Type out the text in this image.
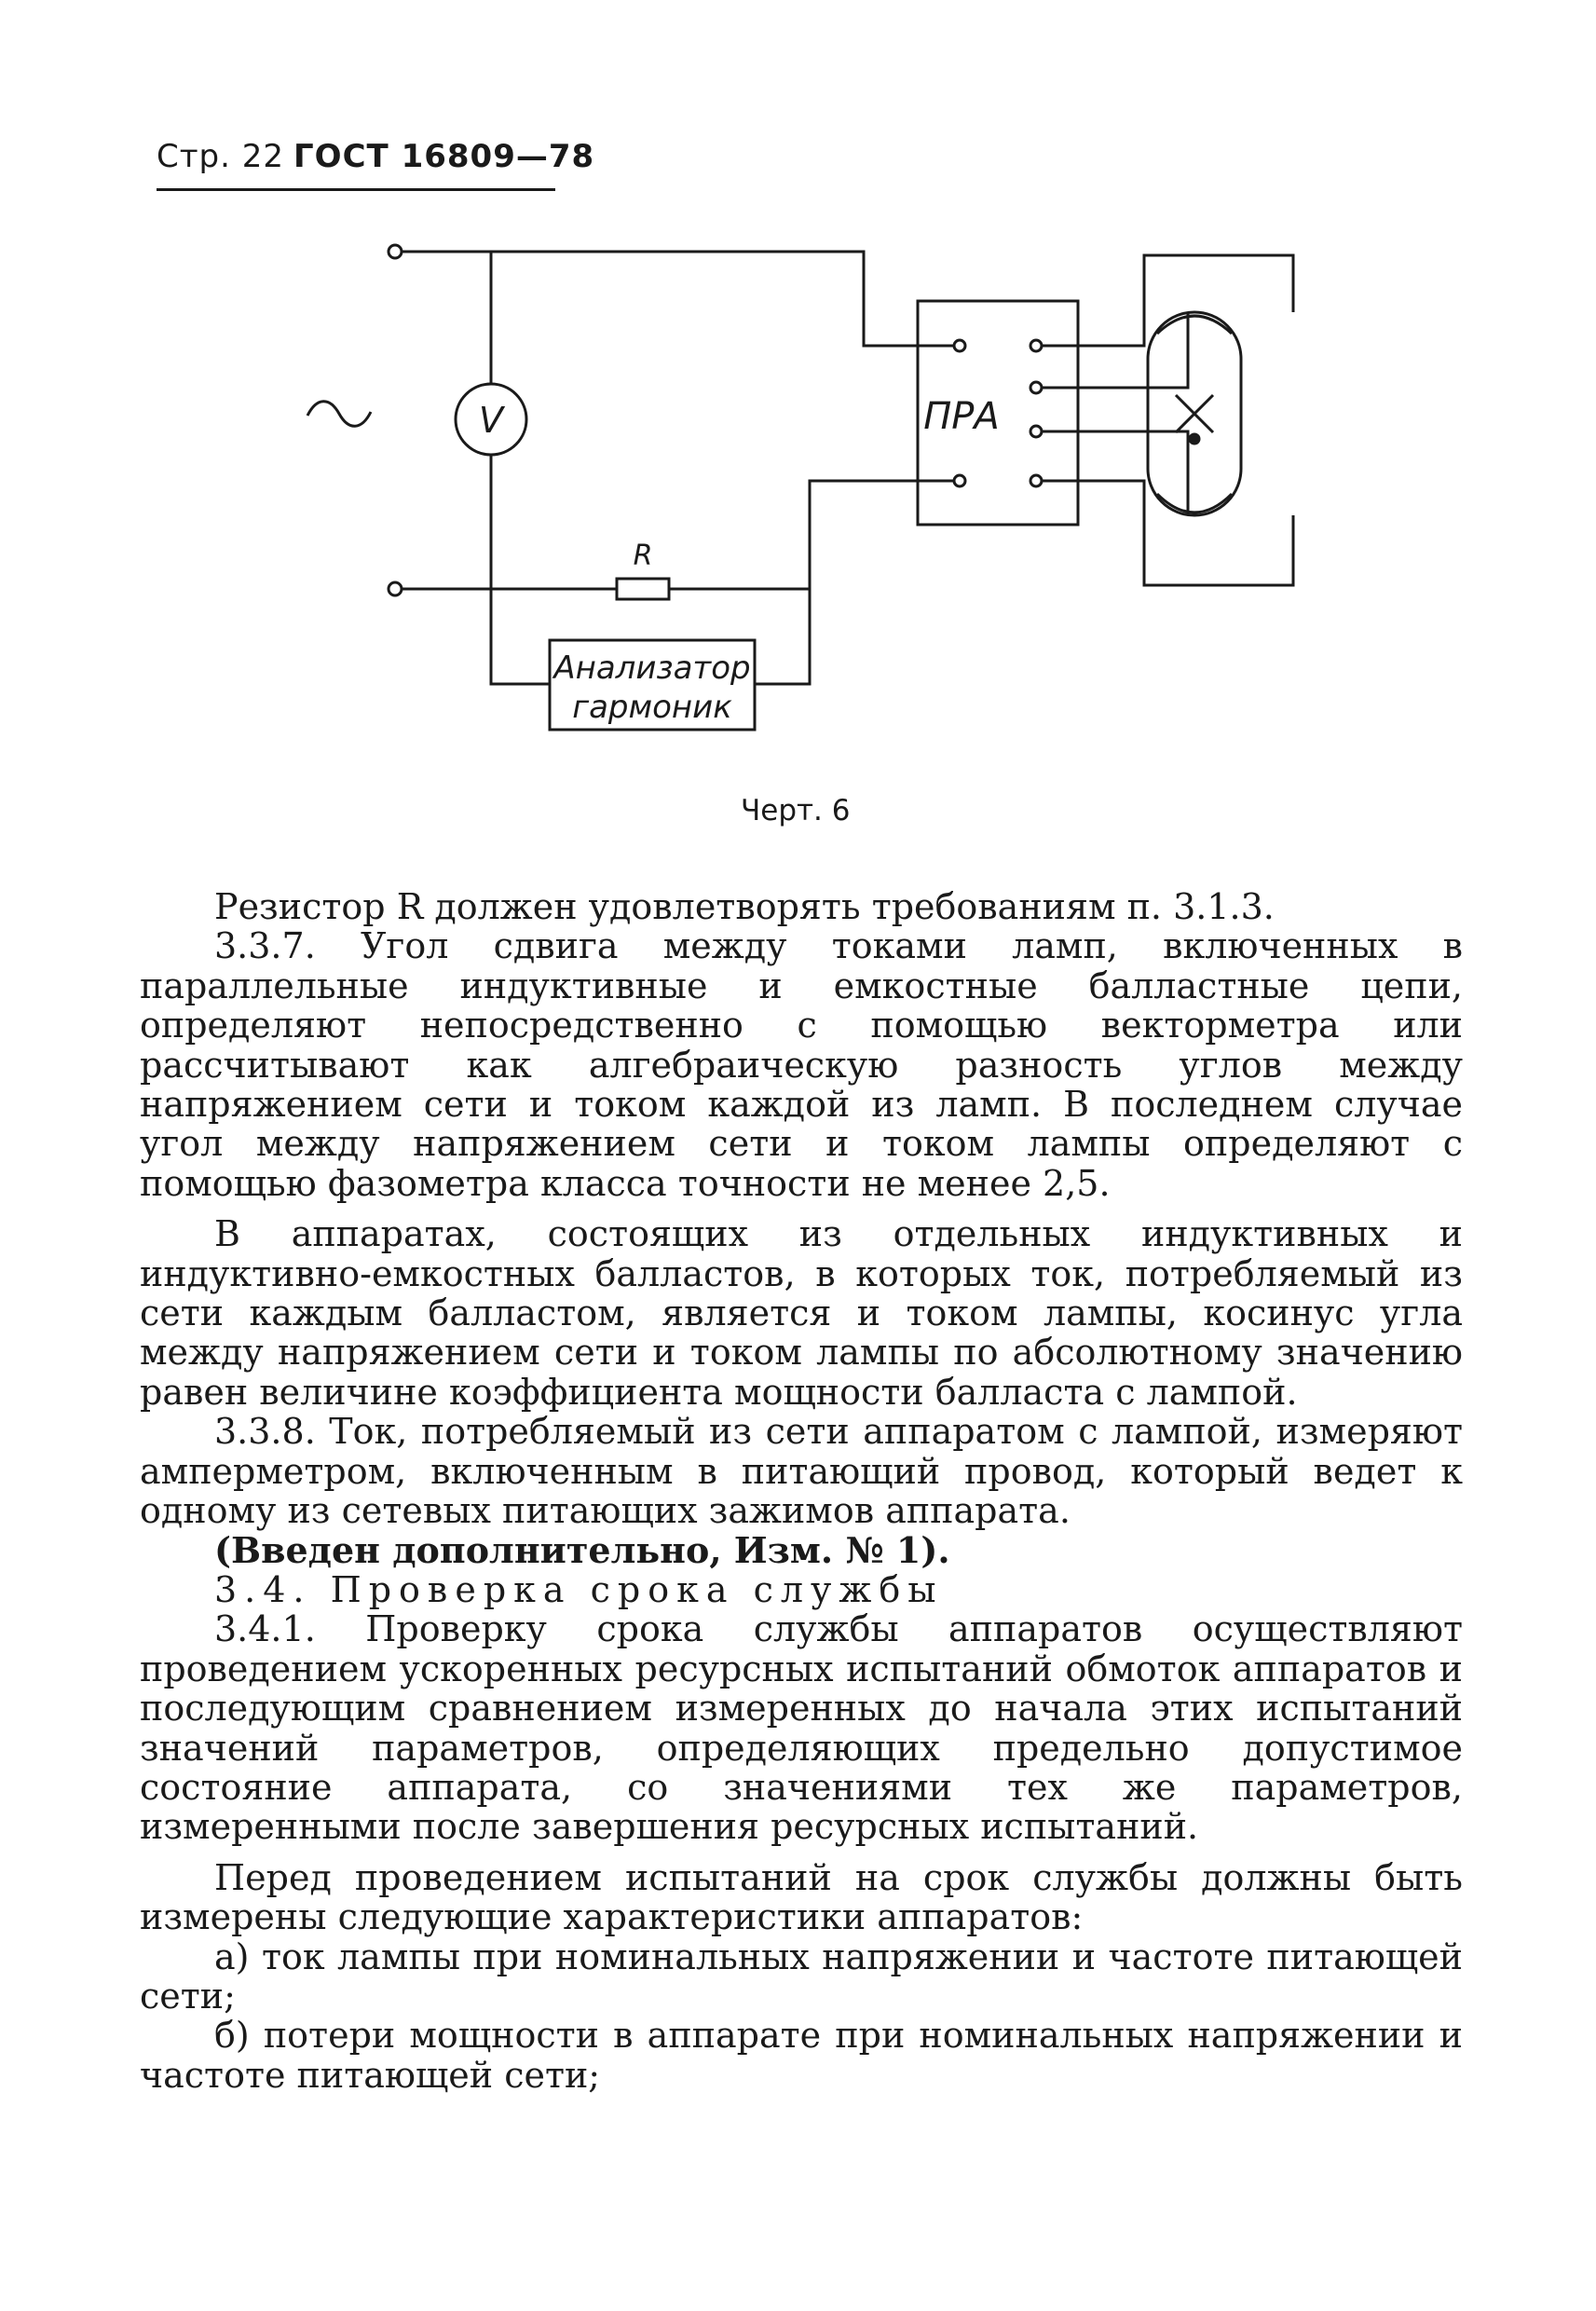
Стр. 22 ГОСТ 16809—78
V	ПРА
R
Анализатор
гармоник
Черт. 6

Резистор R должен удовлетворять требованиям п. 3.1.3.

3.3.7. Угол сдвига между токами ламп, включенных в параллельные индуктивные и емкостные балластные цепи, определяют непосредственно с помощью вектормeтра или рассчитывают как алгебраическую разность углов между напряжением сети и током каждой из ламп. В последнем случае угол между напряжением сети и током лампы определяют с помощью фазометра класса точности не менее 2,5.

В аппаратах, состоящих из отдельных индуктивных и индуктивно-емкостных балластов, в которых ток, потребляемый из сети каждым балластом, является и током лампы, косинус угла между напряжением сети и током лампы по абсолютному значению равен величине коэффициента мощности балласта с лампой.

3.3.8. Ток, потребляемый из сети аппаратом с лампой, измеряют амперметром, включенным в питающий провод, который ведет к одному из сетевых питающих зажимов аппарата.

(Введен дополнительно, Изм. № 1).

3.4. Проверка срока службы

3.4.1. Проверку срока службы аппаратов осуществляют проведением ускоренных ресурсных испытаний обмоток аппаратов и последующим сравнением измеренных до начала этих испытаний значений параметров, определяющих предельно допустимое состояние аппарата, со значениями тех же параметров, измеренными после завершения ресурсных испытаний.

Перед проведением испытаний на срок службы должны быть измерены следующие характеристики аппаратов:

а) ток лампы при номинальных напряжении и частоте питающей сети;

б) потери мощности в аппарате при номинальных напряжении и частоте питающей сети;
